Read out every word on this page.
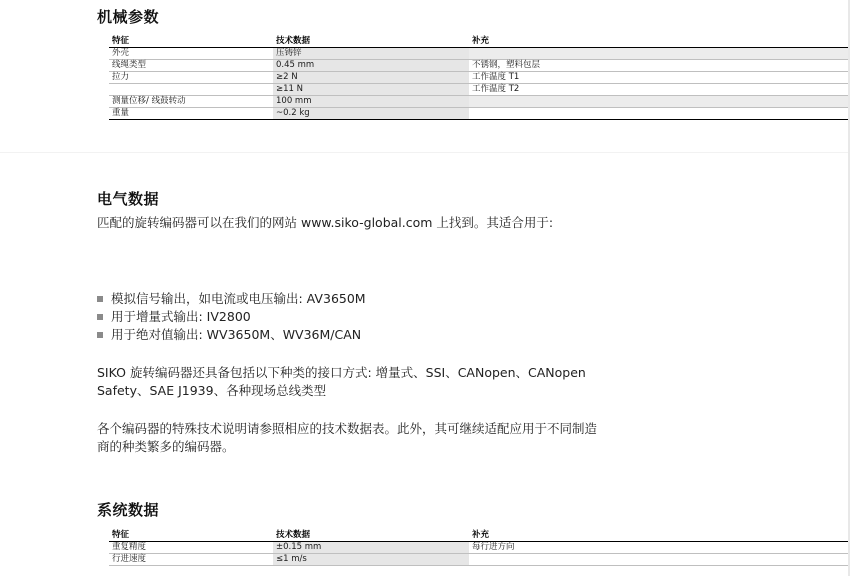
机械参数
特征	技术数据	补充
外壳	压铸锌	
线绳类型	0.45 mm	不锈钢，塑料包层
拉力	≥2 N	工作温度 T1
	≥11 N	工作温度 T2
测量位移/ 线鼓转动	100 mm	
重量	~0.2 kg	
电气数据
匹配的旋转编码器可以在我们的网站 www.siko-global.com 上找到。其适合用于:
模拟信号输出，如电流或电压输出: AV3650M
用于增量式输出: IV2800
用于绝对值输出: WV3650M、WV36M/CAN
SIKO 旋转编码器还具备包括以下种类的接口方式: 增量式、SSI、CANopen、CANopen Safety、SAE J1939、各种现场总线类型
各个编码器的特殊技术说明请参照相应的技术数据表。此外，其可继续适配应用于不同制造商的种类繁多的编码器。
系统数据
特征	技术数据	补充
重复精度	±0.15 mm	每行进方向
行进速度	≤1 m/s	
